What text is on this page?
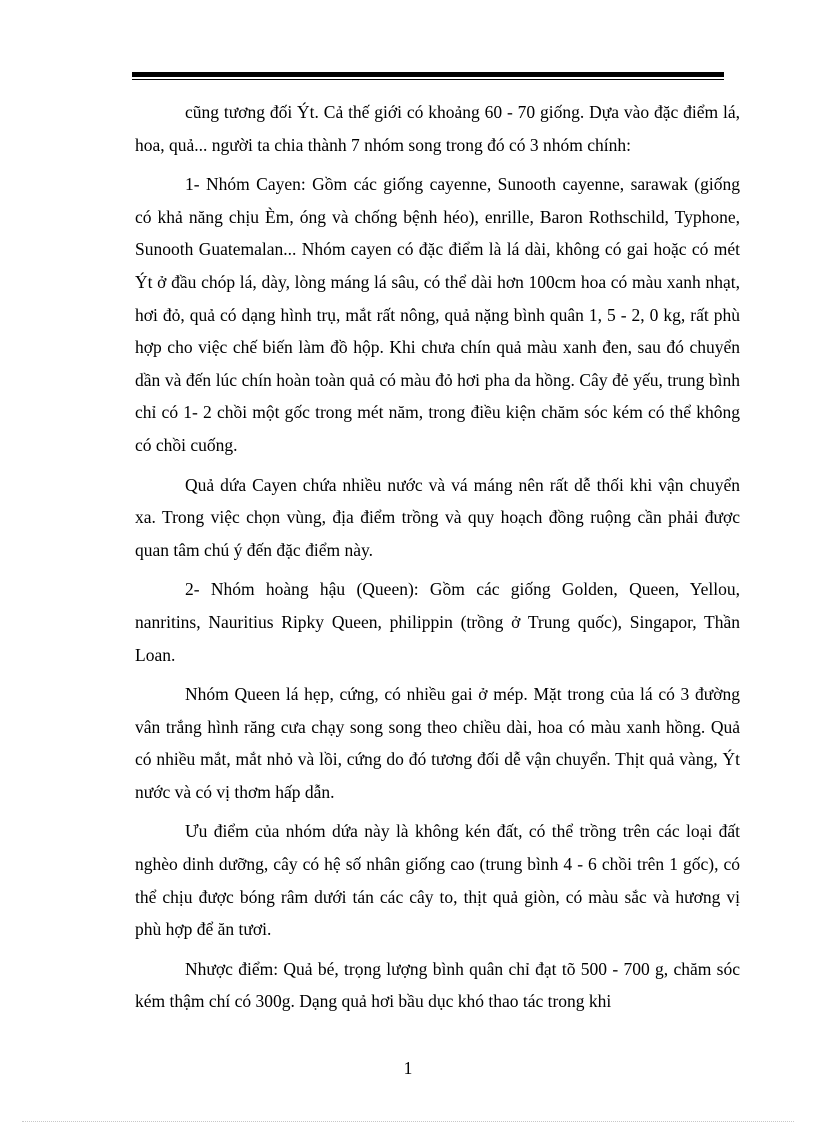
cũng tương đối Ýt. Cả thế giới có khoảng 60 - 70 giống. Dựa vào đặc điểm lá, hoa, quả... người ta chia thành 7 nhóm song trong đó có 3 nhóm chính:

1- Nhóm Cayen: Gồm các giống cayenne, Sunooth cayenne, sarawak (giống có khả năng chịu Èm, óng và chống bệnh héo), enrille, Baron Rothschild, Typhone, Sunooth Guatemalan... Nhóm cayen có đặc điểm là lá dài, không có gai hoặc có mét Ýt ở đầu chóp lá, dày, lòng máng lá sâu, có thể dài hơn 100cm hoa có màu xanh nhạt, hơi đỏ, quả có dạng hình trụ, mắt rất nông, quả nặng bình quân 1, 5 - 2, 0 kg, rất phù hợp cho việc chế biến làm đồ hộp. Khi chưa chín quả màu xanh đen, sau đó chuyển dần và đến lúc chín hoàn toàn quả có màu đỏ hơi pha da hồng. Cây đẻ yếu, trung bình chỉ có 1- 2 chồi một gốc trong mét năm, trong điều kiện chăm sóc kém có thể không có chồi cuống.

Quả dứa Cayen chứa nhiều nước và vá máng nên rất dễ thối khi vận chuyển xa. Trong việc chọn vùng, địa điểm trồng và quy hoạch đồng ruộng cần phải được quan tâm chú ý đến đặc điểm này.

2- Nhóm hoàng hậu (Queen): Gồm các giống Golden, Queen, Yellou, nanritins, Nauritius Ripky Queen, philippin (trồng ở Trung quốc), Singapor, Thần Loan.

Nhóm Queen lá hẹp, cứng, có nhiều gai ở mép. Mặt trong của lá có 3 đường vân trắng hình răng cưa chạy song song theo chiều dài, hoa có màu xanh hồng. Quả có nhiều mắt, mắt nhỏ và lồi, cứng do đó tương đối dễ vận chuyển. Thịt quả vàng, Ýt nước và có vị thơm hấp dẫn.

Ưu điểm của nhóm dứa này là không kén đất, có thể trồng trên các loại đất nghèo dinh dưỡng, cây có hệ số nhân giống cao (trung bình 4 - 6 chồi trên 1 gốc), có thể chịu được bóng râm dưới tán các cây to, thịt quả giòn, có màu sắc và hương vị phù hợp để ăn tươi.

Nhược điểm: Quả bé, trọng lượng bình quân chỉ đạt tõ 500 - 700 g, chăm sóc kém thậm chí có 300g. Dạng quả hơi bầu dục khó thao tác trong khi

1
